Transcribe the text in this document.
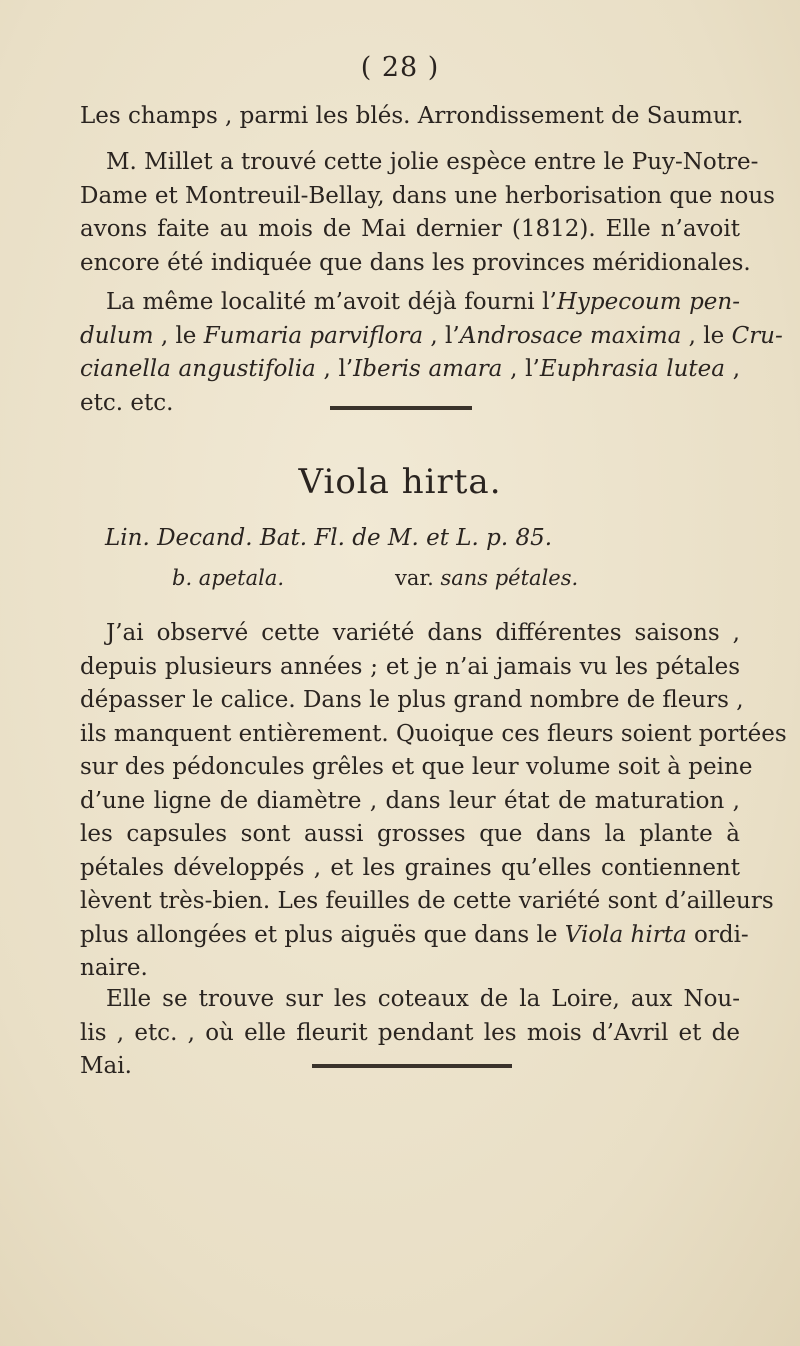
( 28 )
Les champs , parmi les blés. Arrondissement de Saumur.
M. Millet a trouvé cette jolie espèce entre le Puy-Notre-
Dame et Montreuil-Bellay, dans une herborisation que nous
avons faite au mois de Mai dernier (1812). Elle n’avoit
encore été indiquée que dans les provinces méridionales.
La même localité m’avoit déjà fourni l’Hypecoum pen-
dulum , le Fumaria parviflora , l’Androsace maxima , le Cru-
cianella angustifolia , l’Iberis amara , l’Euphrasia lutea ,
etc. etc.
Viola hirta.
Lin. Decand. Bat. Fl. de M. et L. p. 85.
b. apetala.	var. sans pétales.
J’ai observé cette variété dans différentes saisons ,
depuis plusieurs années ; et je n’ai jamais vu les pétales
dépasser le calice. Dans le plus grand nombre de fleurs ,
ils manquent entièrement. Quoique ces fleurs soient portées
sur des pédoncules grêles et que leur volume soit à peine
d’une ligne de diamètre , dans leur état de maturation ,
les capsules sont aussi grosses que dans la plante à
pétales développés , et les graines qu’elles contiennent
lèvent très-bien. Les feuilles de cette variété sont d’ailleurs
plus allongées et plus aiguës que dans le Viola hirta ordi-
naire.
Elle se trouve sur les coteaux de la Loire, aux Nou-
lis , etc. , où elle fleurit pendant les mois d’Avril et de
Mai.
